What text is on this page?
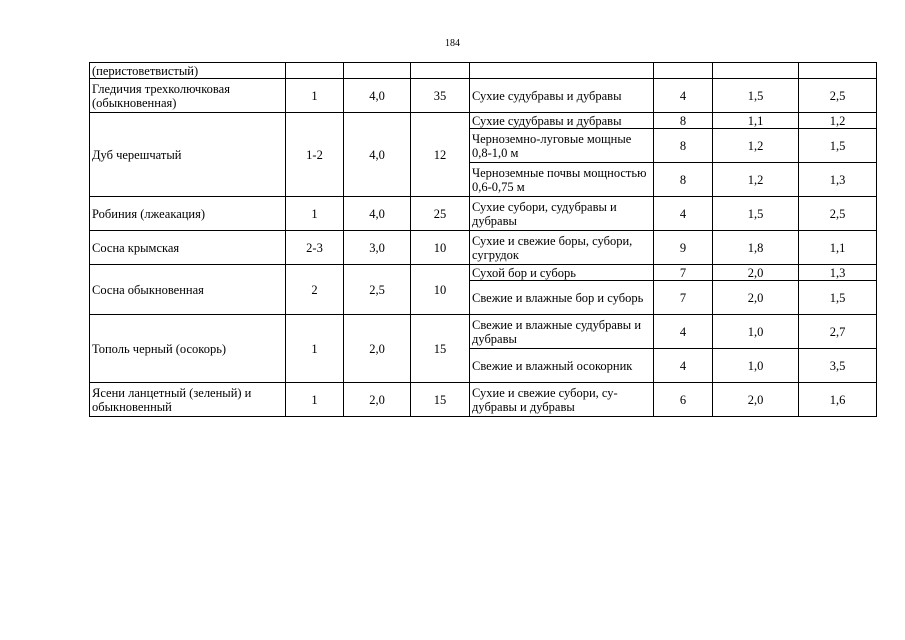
184
(перистоветвистый)							
Гледичия трехколючковая (обыкновенная)	1	4,0	35	Сухие судубравы и дубравы	4	1,5	2,5
Дуб черешчатый	1-2	4,0	12	Сухие судубравы и дубравы	8	1,1	1,2
				Черноземно-луговые мощные 0,8-1,0 м	8	1,2	1,5
				Черноземные почвы мощностью 0,6-0,75 м	8	1,2	1,3
Робиния (лжеакация)	1	4,0	25	Сухие субори, судубравы и дубравы	4	1,5	2,5
Сосна крымская	2-3	3,0	10	Сухие и свежие боры, субори, сугрудок	9	1,8	1,1
Сосна обыкновенная	2	2,5	10	Сухой бор и суборь	7	2,0	1,3
				Свежие и влажные бор и суборь	7	2,0	1,5
Тополь черный (осокорь)	1	2,0	15	Свежие и влажные судубравы и дубравы	4	1,0	2,7
				Свежие и влажный осокорник	4	1,0	3,5
Ясени ланцетный (зеленый) и обыкновенный	1	2,0	15	Сухие и свежие субори, су-дубравы и дубравы	6	2,0	1,6
